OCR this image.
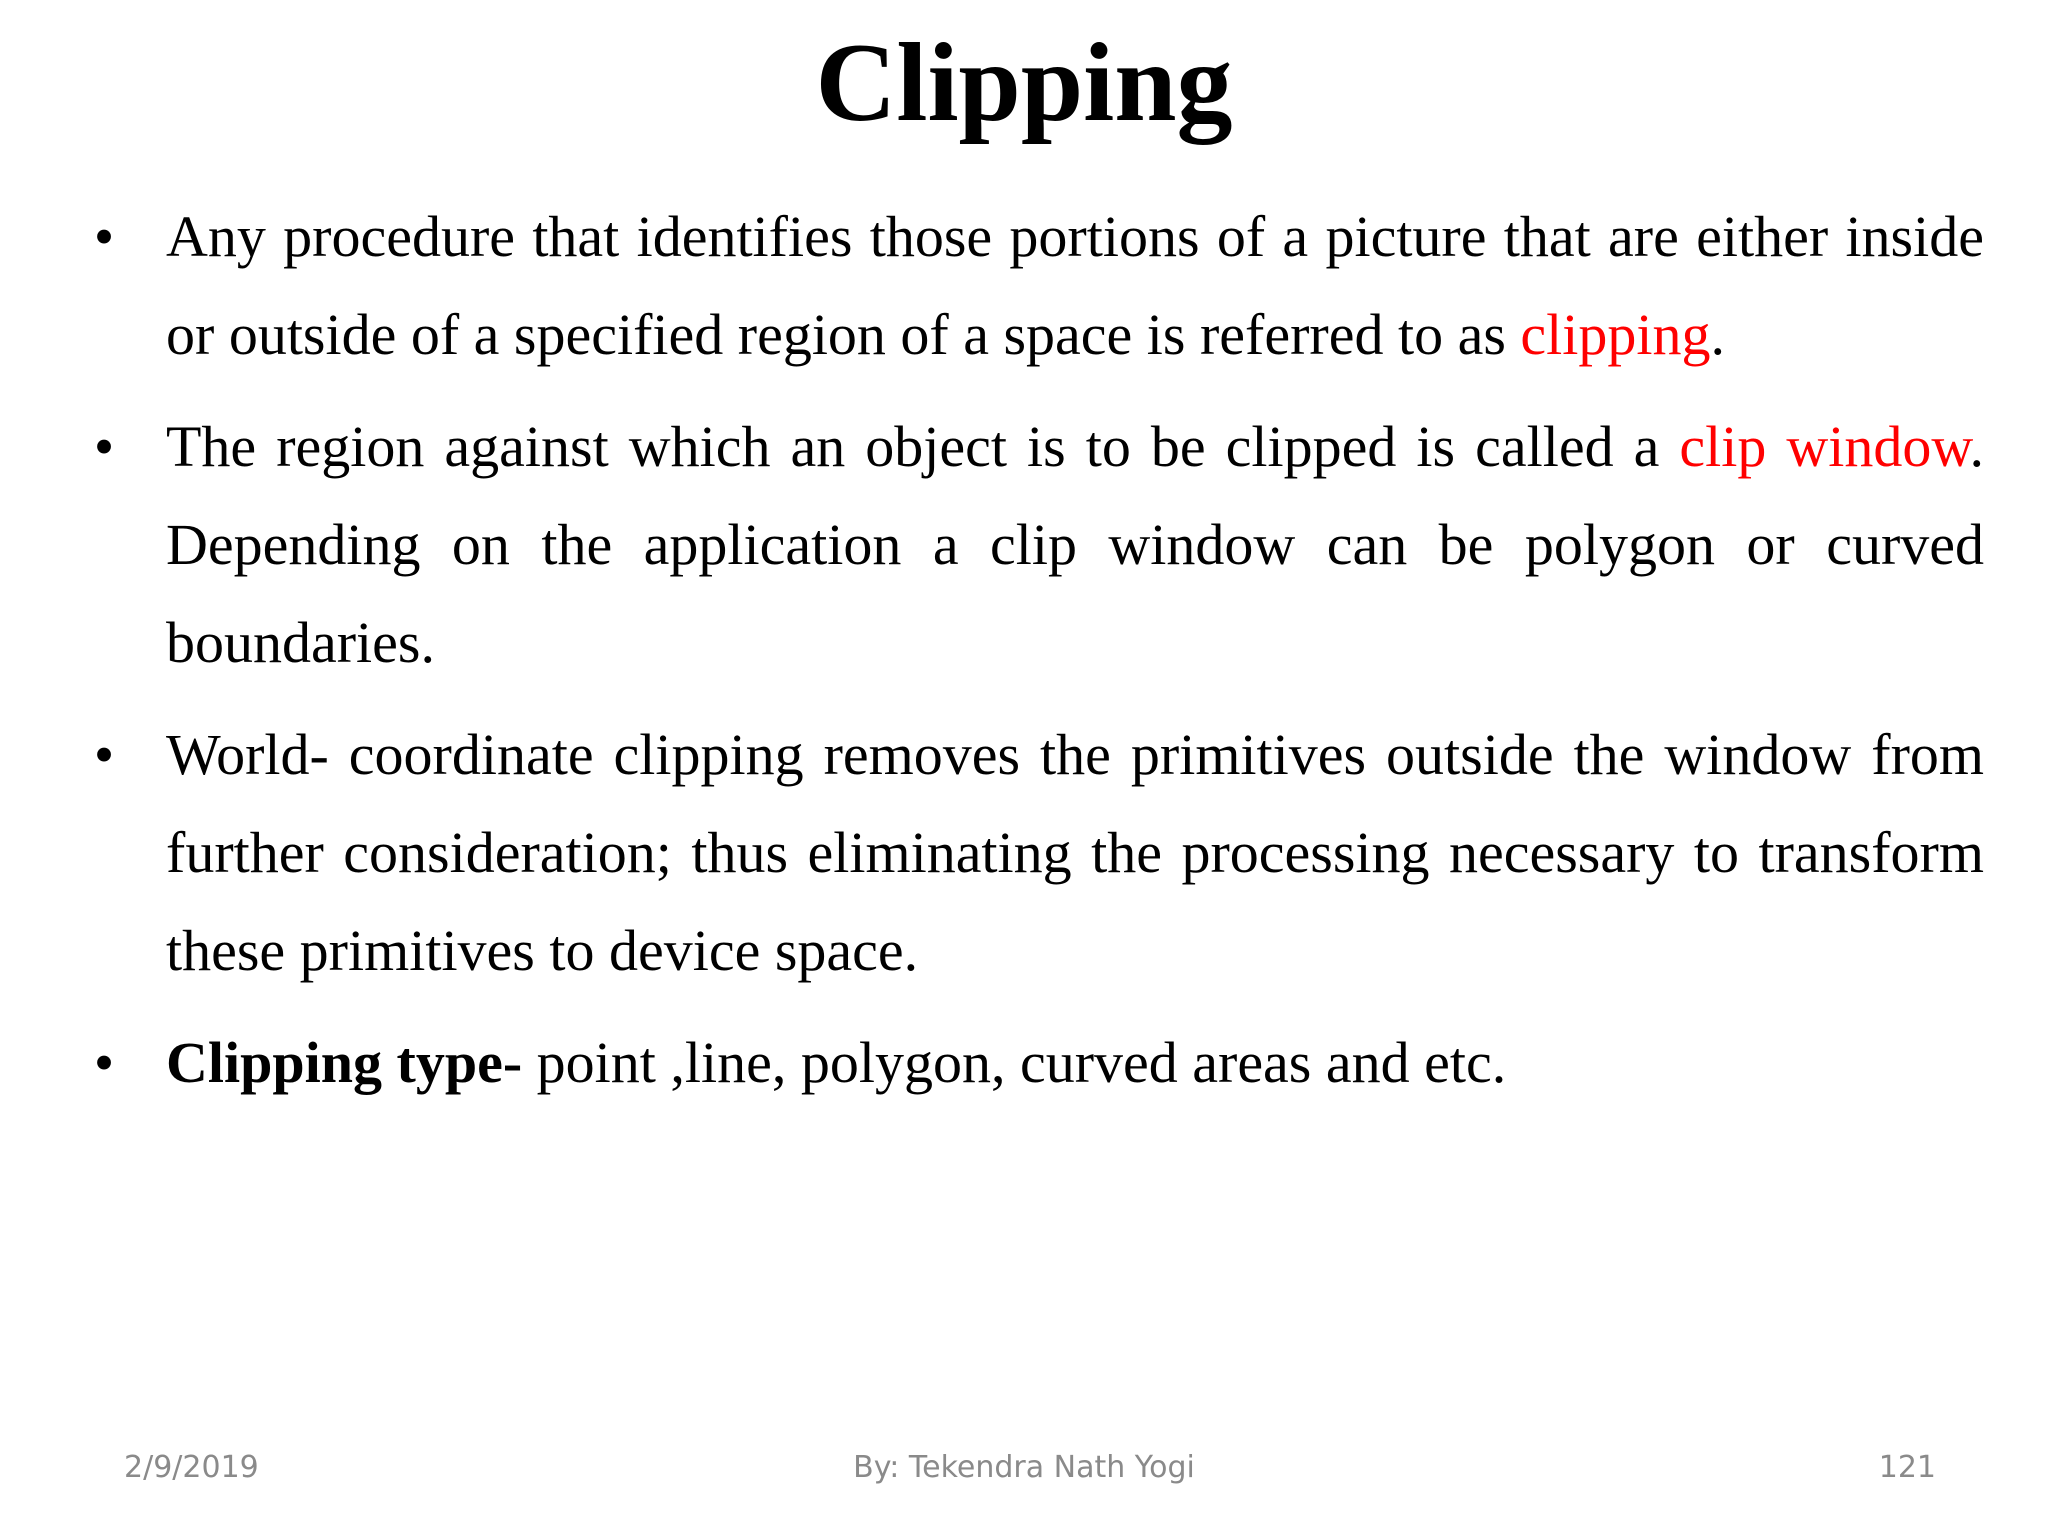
Clipping
• Any procedure that identifies those portions of a picture that are either inside or outside of a specified region of a space is referred to as clipping.
• The region against which an object is to be clipped is called a clip window. Depending on the application a clip window can be polygon or curved boundaries.
• World- coordinate clipping removes the primitives outside the window from further consideration; thus eliminating the processing necessary to transform these primitives to device space.
• Clipping type- point ,line, polygon, curved areas and etc.
2/9/2019	By: Tekendra Nath Yogi	121
